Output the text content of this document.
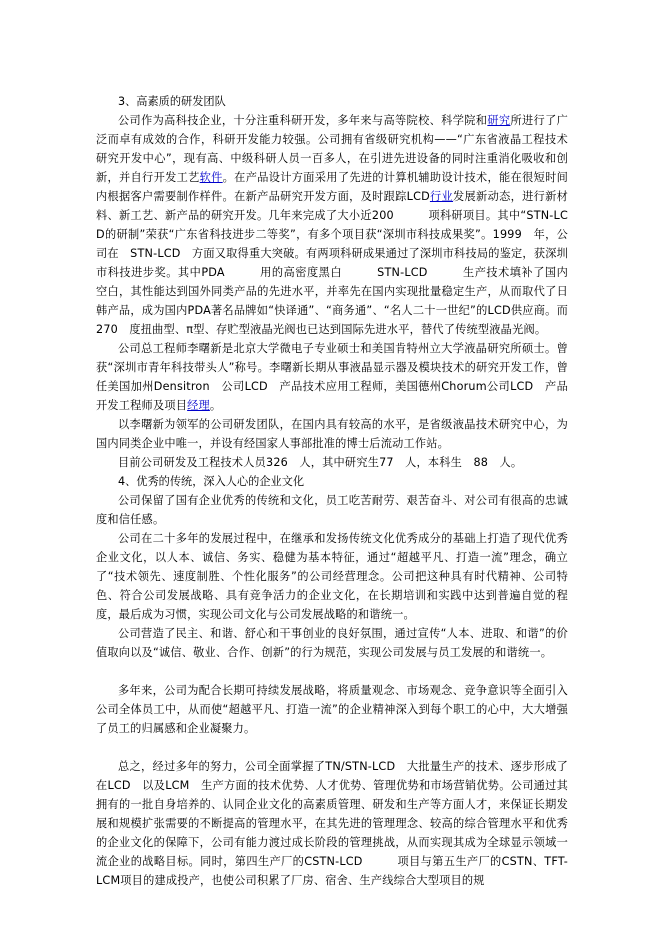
3、高素质的研发团队

公司作为高科技企业，十分注重科研开发，多年来与高等院校、科学院和研究所进行了广泛而卓有成效的合作，科研开发能力较强。公司拥有省级研究机构——“广东省液晶工程技术研究开发中心”，现有高、中级科研人员一百多人，在引进先进设备的同时注重消化吸收和创新，并自行开发工艺软件。在产品设计方面采用了先进的计算机辅助设计技术，能在很短时间内根据客户需要制作样件。在新产品研究开发方面，及时跟踪LCD行业发展新动态，进行新材料、新工艺、新产品的研究开发。几年来完成了大小近200　　　项科研项目。其中“STN-LCD的研制”荣获“广东省科技进步二等奖”，有多个项目获“深圳市科技成果奖”。1999　年，公司在　STN-LCD　方面又取得重大突破。有两项科研成果通过了深圳市科技局的鉴定，获深圳市科技进步奖。其中PDA　　　用的高密度黑白　　　STN-LCD　　　生产技术填补了国内空白，其性能达到国外同类产品的先进水平，并率先在国内实现批量稳定生产，从而取代了日韩产品，成为国内PDA著名品牌如“快译通”、“商务通”、“名人二十一世纪”的LCD供应商。而270　度扭曲型、π型、存贮型液晶光阀也已达到国际先进水平，替代了传统型液晶光阀。

公司总工程师李曙新是北京大学微电子专业硕士和美国肯特州立大学液晶研究所硕士。曾获“深圳市青年科技带头人”称号。李曙新长期从事液晶显示器及模块技术的研究开发工作，曾任美国加州Densitron　公司LCD　产品技术应用工程师，美国德州Chorum公司LCD　产品开发工程师及项目经理。

以李曙新为领军的公司研发团队，在国内具有较高的水平，是省级液晶技术研究中心，为国内同类企业中唯一，并设有经国家人事部批准的博士后流动工作站。

目前公司研发及工程技术人员326　人，其中研究生77　人，本科生　88　人。

4、优秀的传统，深入人心的企业文化

公司保留了国有企业优秀的传统和文化，员工吃苦耐劳、艰苦奋斗、对公司有很高的忠诚度和信任感。

公司在二十多年的发展过程中，在继承和发扬传统文化优秀成分的基础上打造了现代优秀企业文化，以人本、诚信、务实、稳健为基本特征，通过“超越平凡、打造一流”理念，确立了“技术领先、速度制胜、个性化服务”的公司经营理念。公司把这种具有时代精神、公司特色、符合公司发展战略、具有竞争活力的企业文化，在长期培训和实践中达到普遍自觉的程度，最后成为习惯，实现公司文化与公司发展战略的和谐统一。

公司营造了民主、和谐、舒心和干事创业的良好氛围，通过宣传“人本、进取、和谐”的价值取向以及“诚信、敬业、合作、创新”的行为规范，实现公司发展与员工发展的和谐统一。

多年来，公司为配合长期可持续发展战略，将质量观念、市场观念、竞争意识等全面引入公司全体员工中，从而使“超越平凡、打造一流”的企业精神深入到每个职工的心中，大大增强了员工的归属感和企业凝聚力。

总之，经过多年的努力，公司全面掌握了TN/STN-LCD　大批量生产的技术、逐步形成了在LCD　以及LCM　生产方面的技术优势、人才优势、管理优势和市场营销优势。公司通过其拥有的一批自身培养的、认同企业文化的高素质管理、研发和生产等方面人才，来保证长期发展和规模扩张需要的不断提高的管理水平，在其先进的管理理念、较高的综合管理水平和优秀的企业文化的保障下，公司有能力渡过成长阶段的管理挑战，从而实现其成为全球显示领域一流企业的战略目标。同时，第四生产厂的CSTN-LCD　　　项目与第五生产厂的CSTN、TFT-LCM项目的建成投产，也使公司积累了厂房、宿舍、生产线综合大型项目的规
